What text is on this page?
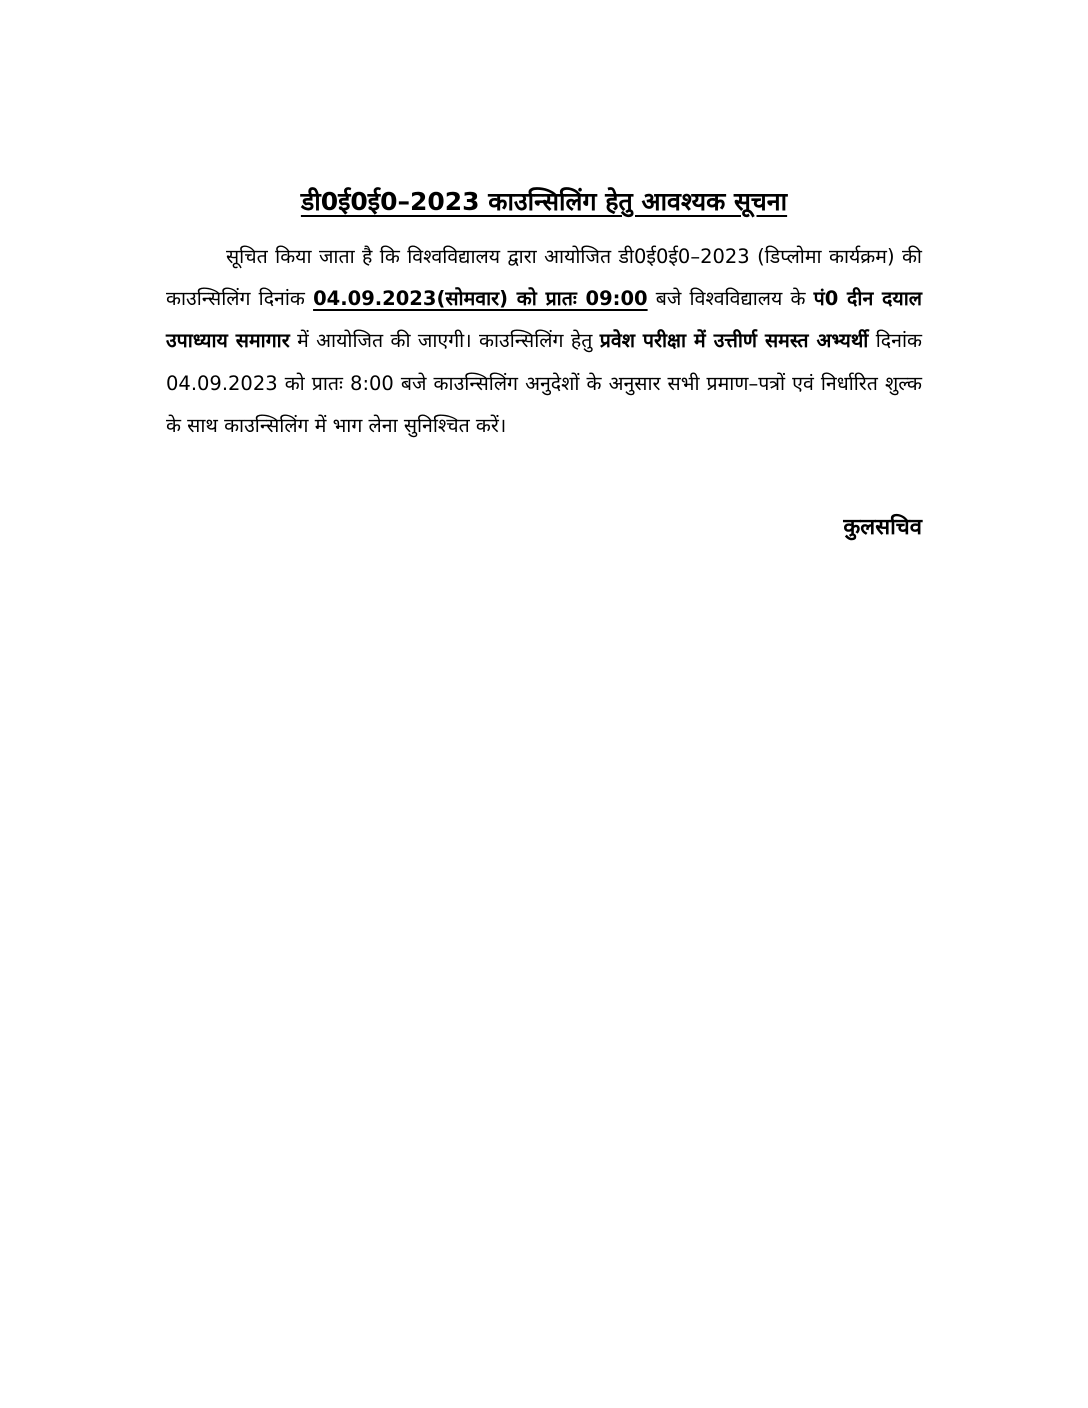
डी0ई0ई0–2023 काउन्सिलिंग हेतु आवश्यक सूचना

सूचित किया जाता है कि विश्वविद्यालय द्वारा आयोजित डी0ई0ई0–2023 (डिप्लोमा कार्यक्रम) की काउन्सिलिंग दिनांक 04.09.2023(सोमवार) को प्रातः 09:00 बजे विश्वविद्यालय के पं0 दीन दयाल उपाध्याय समागार में आयोजित की जाएगी। काउन्सिलिंग हेतु प्रवेश परीक्षा में उत्तीर्ण समस्त अभ्यर्थी दिनांक 04.09.2023 को प्रातः 8:00 बजे काउन्सिलिंग अनुदेशों के अनुसार सभी प्रमाण–पत्रों एवं निर्धारित शुल्क के साथ काउन्सिलिंग में भाग लेना सुनिश्चित करें।

कुलसचिव
